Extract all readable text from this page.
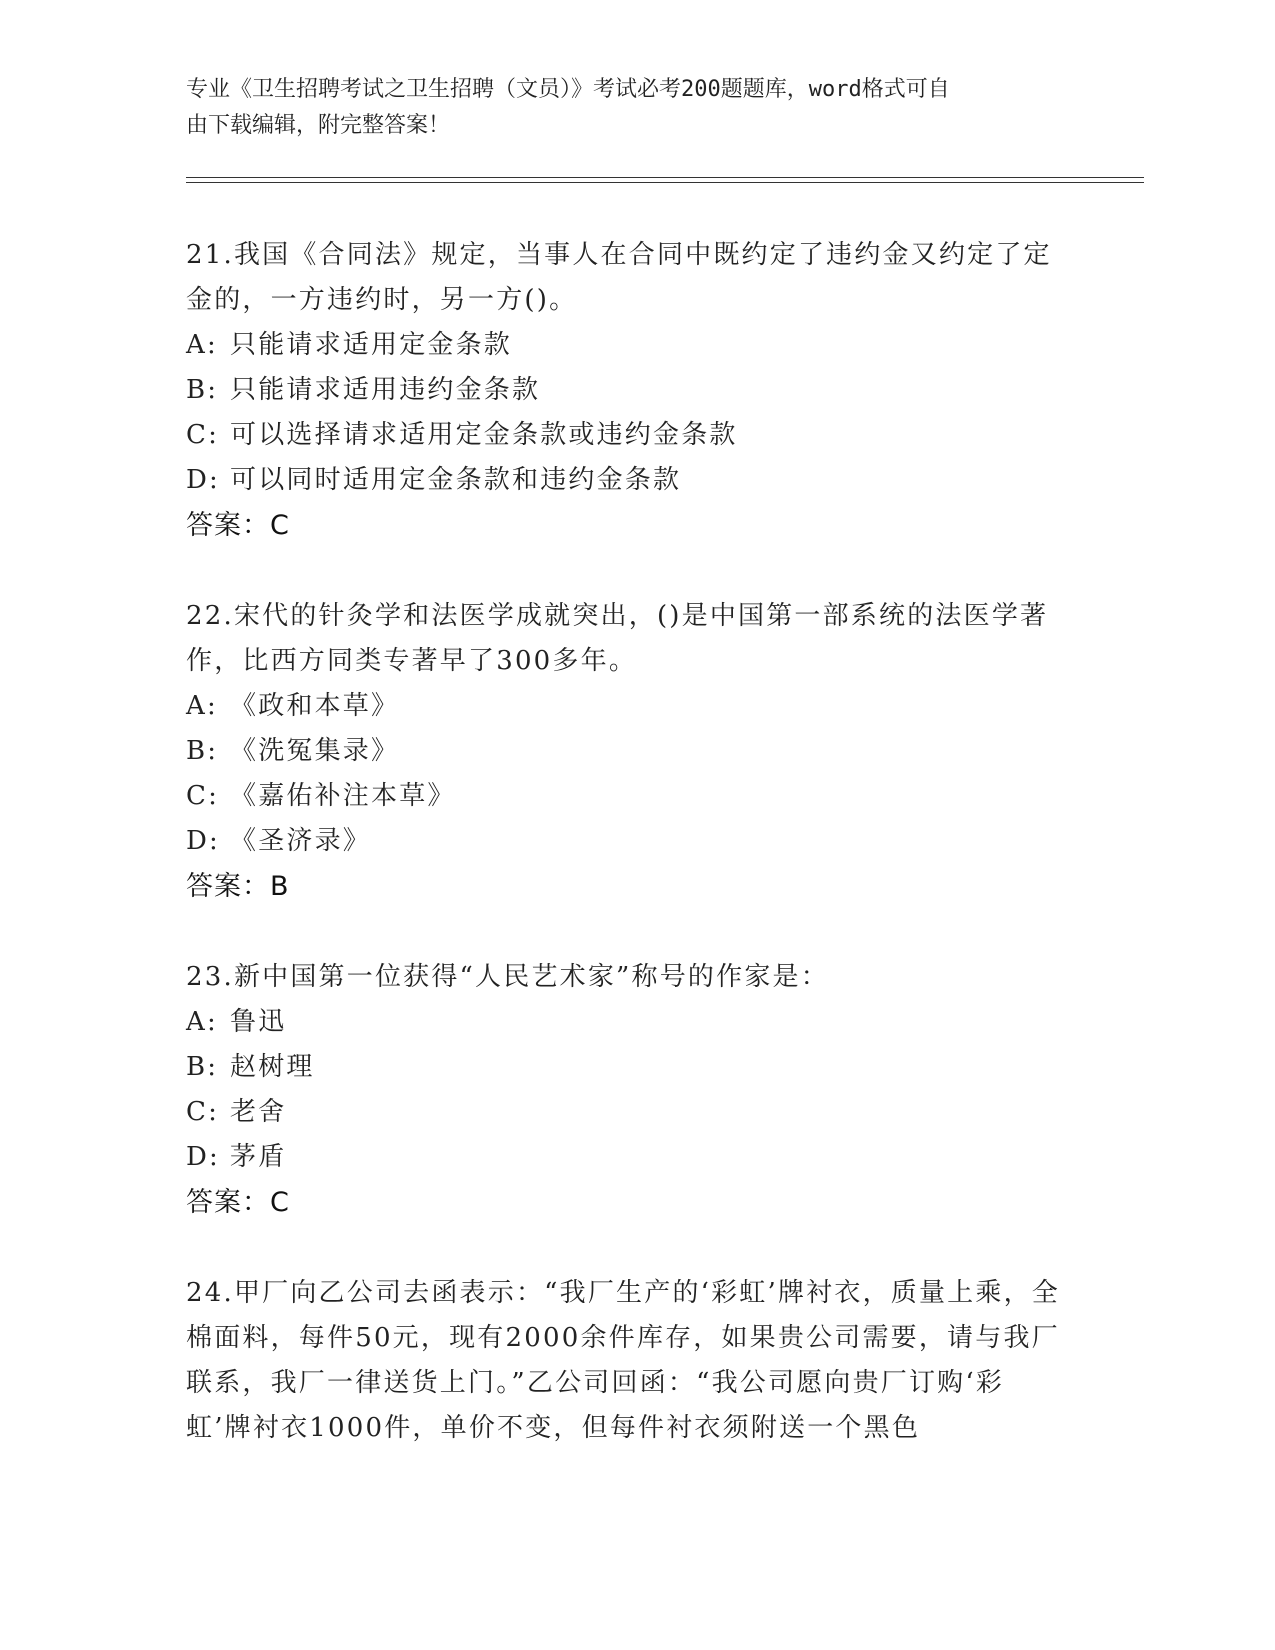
专业《卫生招聘考试之卫生招聘（文员）》考试必考200题题库，word格式可自
由下载编辑，附完整答案！
21.我国《合同法》规定，当事人在合同中既约定了违约金又约定了定金的，一方违约时，另一方()。
A: 只能请求适用定金条款
B: 只能请求适用违约金条款
C: 可以选择请求适用定金条款或违约金条款
D: 可以同时适用定金条款和违约金条款
答案：C
22.宋代的针灸学和法医学成就突出，()是中国第一部系统的法医学著作，比西方同类专著早了300多年。
A: 《政和本草》
B: 《洗冤集录》
C: 《嘉佑补注本草》
D: 《圣济录》
答案：B
23.新中国第一位获得“人民艺术家”称号的作家是：
A: 鲁迅
B: 赵树理
C: 老舍
D: 茅盾
答案：C
24.甲厂向乙公司去函表示：“我厂生产的‘彩虹’牌衬衣，质量上乘，全棉面料，每件50元，现有2000余件库存，如果贵公司需要，请与我厂联系，我厂一律送货上门。”乙公司回函：“我公司愿向贵厂订购‘彩虹’牌衬衣1000件，单价不变，但每件衬衣须附送一个黑色
